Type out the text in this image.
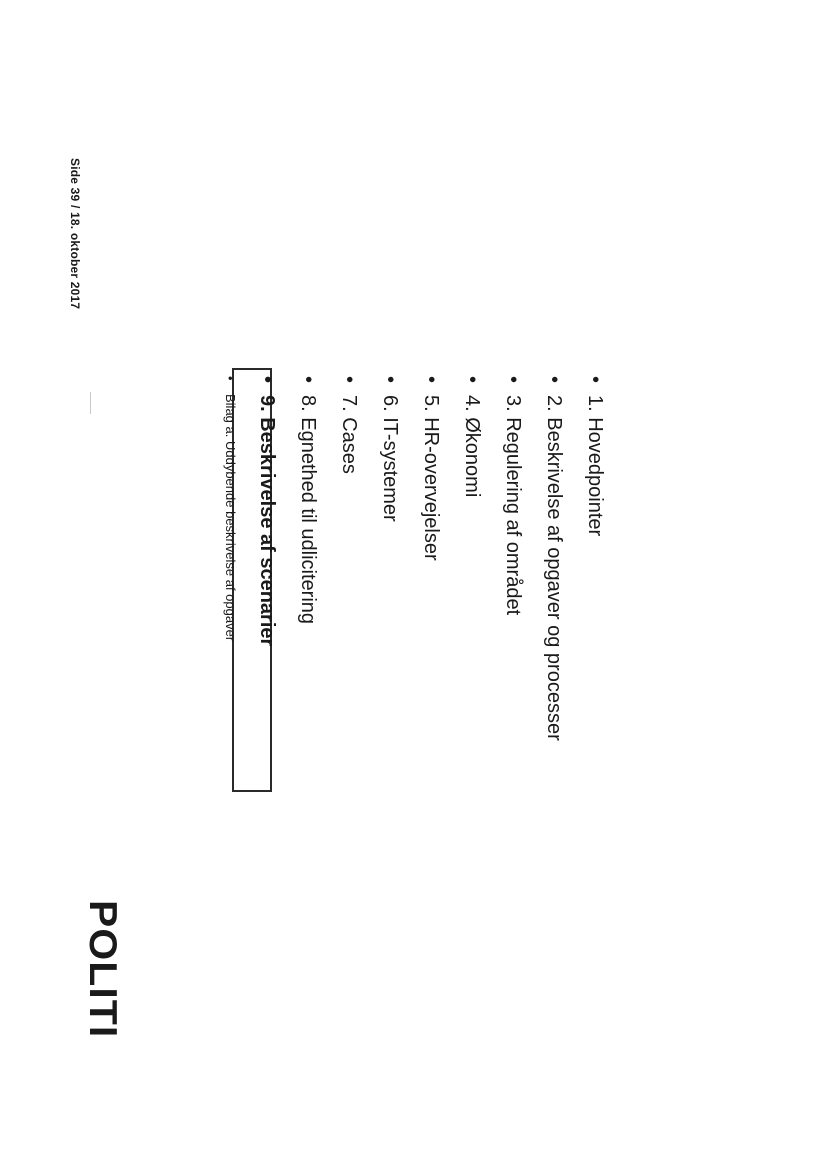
•
1. Hovedpointer
•
2. Beskrivelse af opgaver og processer
•
3. Regulering af området
•
4. Økonomi
•
5. HR-overvejelser
•
6. IT-systemer
•
7. Cases
•
8. Egnethed til udlicitering
•
9. Beskrivelse af scenarier
•
Bilag a. Uddybende beskrivelse af opgaver
Side 39 / 18. oktober 2017
POLITI
